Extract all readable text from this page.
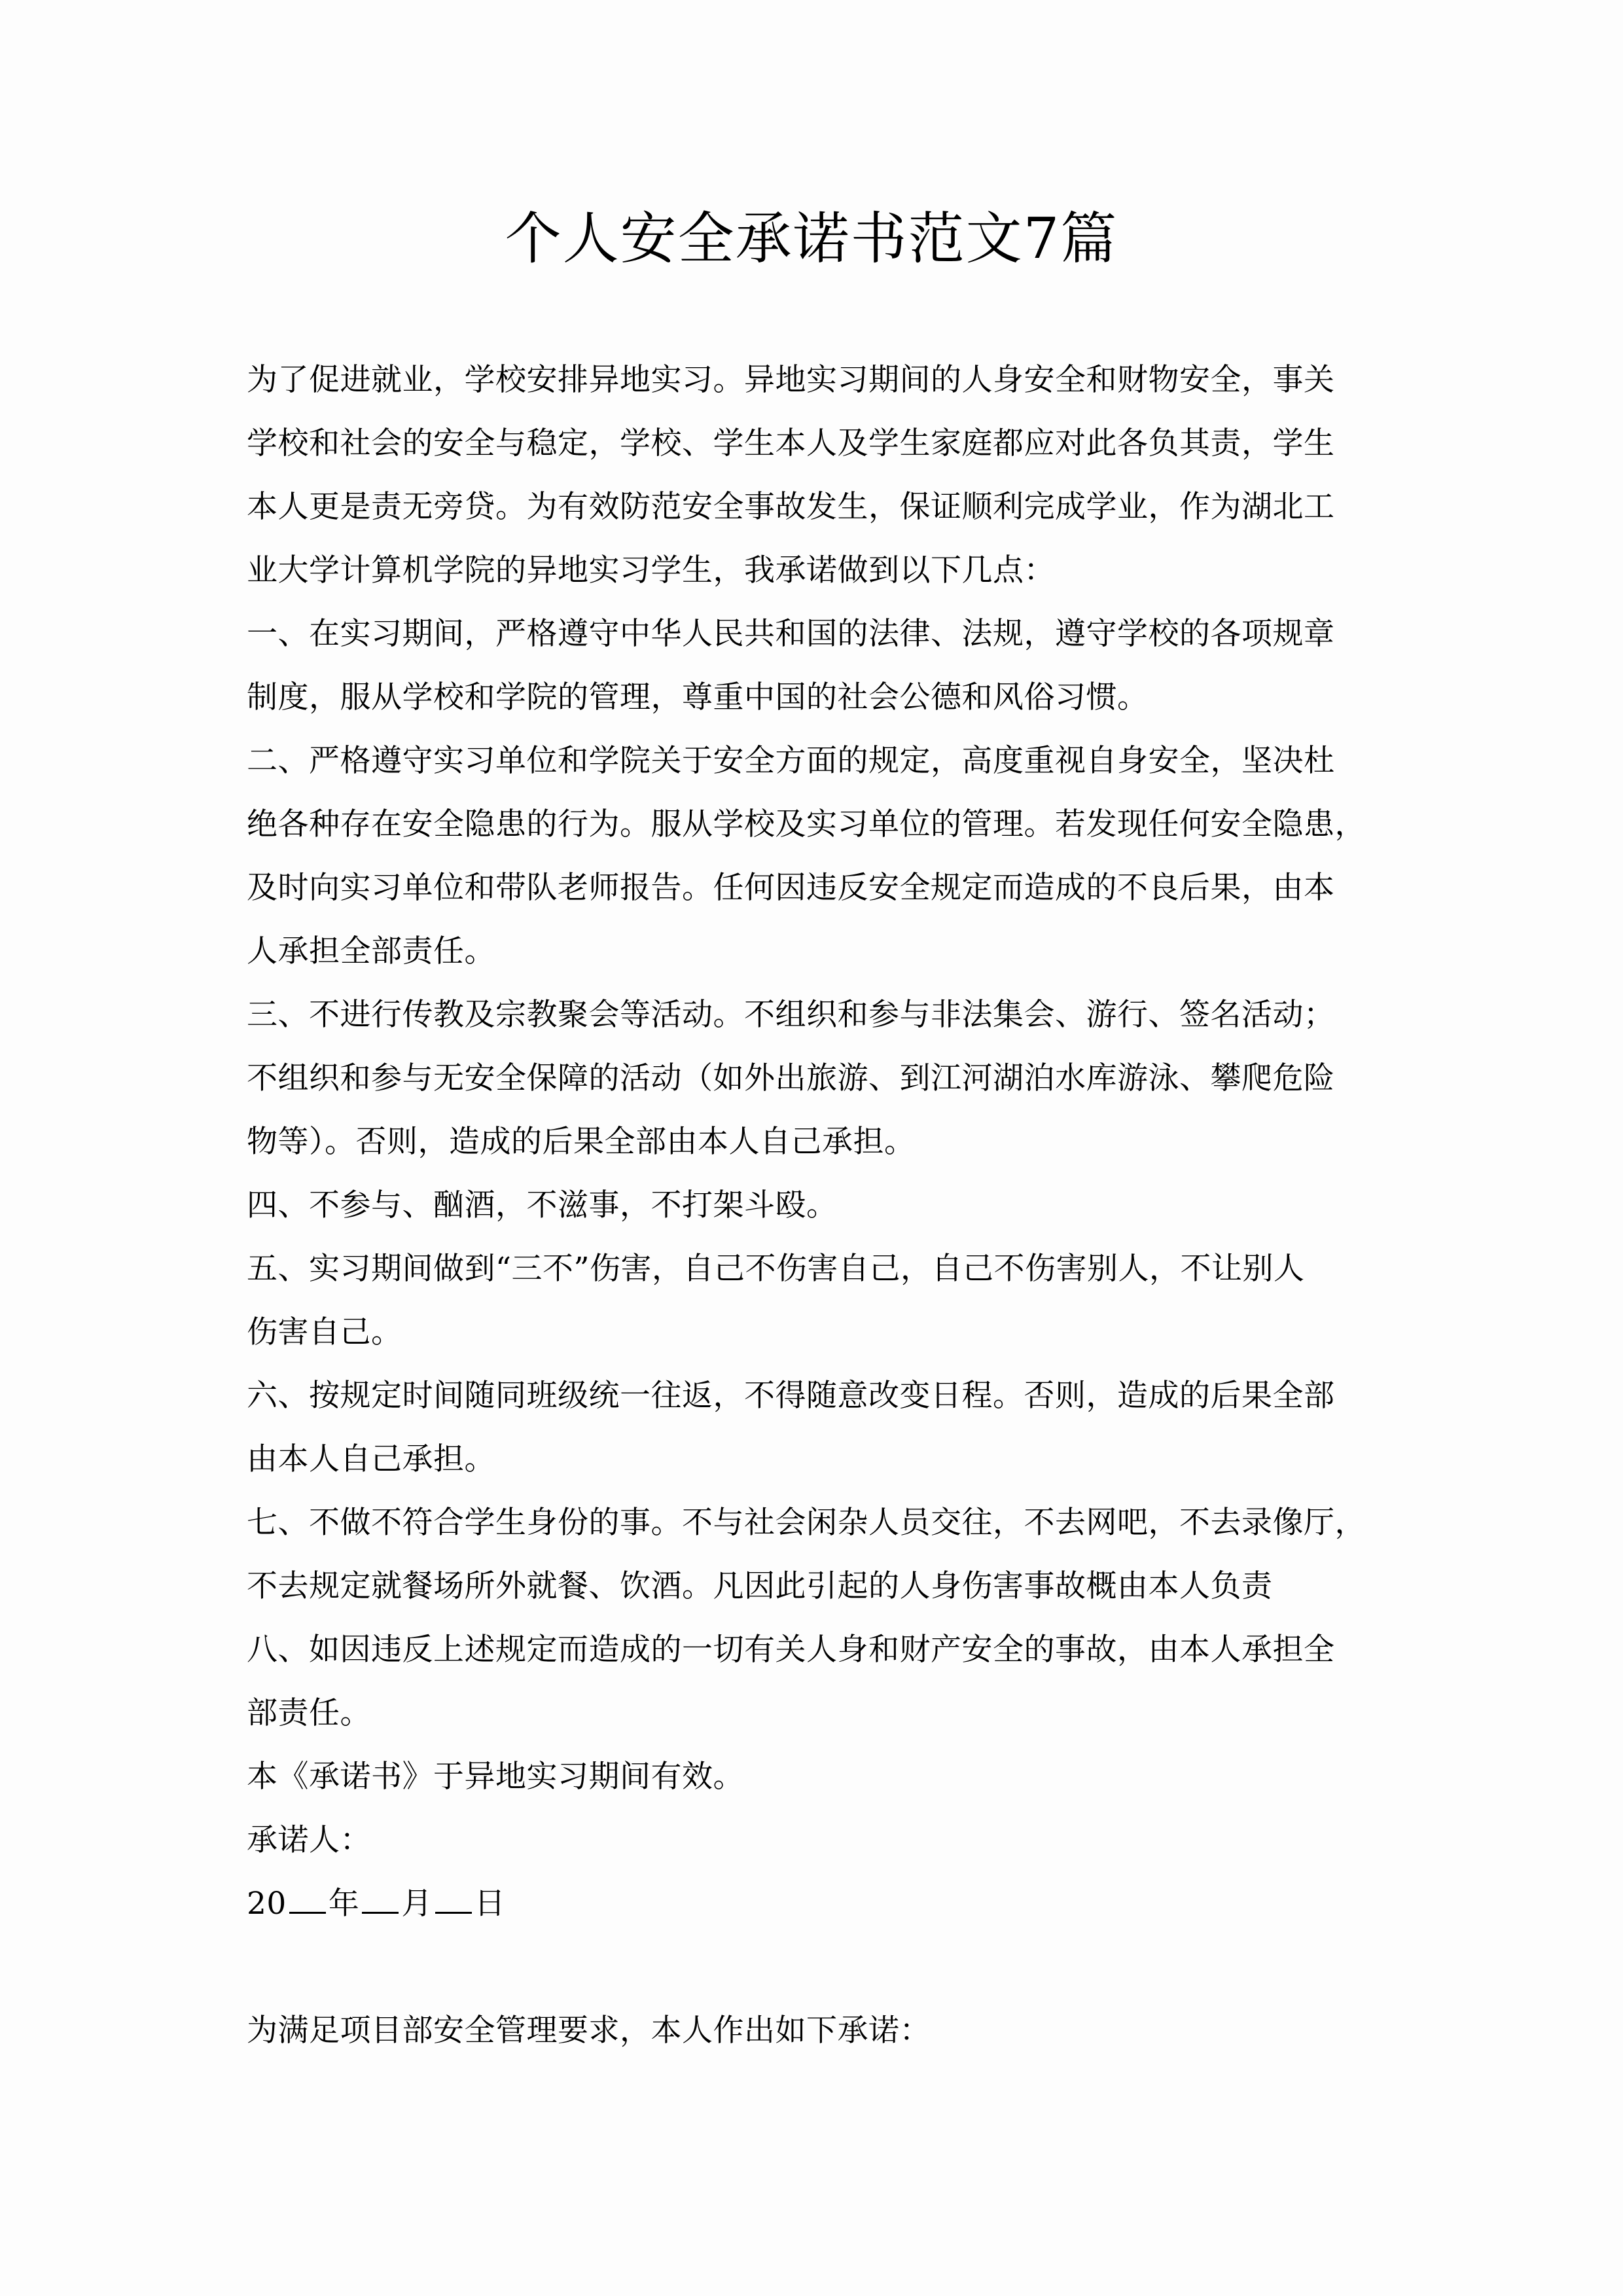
个人安全承诺书范文7篇
为了促进就业，学校安排异地实习。异地实习期间的人身安全和财物安全，事关
学校和社会的安全与稳定，学校、学生本人及学生家庭都应对此各负其责，学生
本人更是责无旁贷。为有效防范安全事故发生，保证顺利完成学业，作为湖北工
业大学计算机学院的异地实习学生，我承诺做到以下几点：
一、在实习期间，严格遵守中华人民共和国的法律、法规，遵守学校的各项规章
制度，服从学校和学院的管理，尊重中国的社会公德和风俗习惯。
二、严格遵守实习单位和学院关于安全方面的规定，高度重视自身安全，坚决杜
绝各种存在安全隐患的行为。服从学校及实习单位的管理。若发现任何安全隐患，
及时向实习单位和带队老师报告。任何因违反安全规定而造成的不良后果，由本
人承担全部责任。
三、不进行传教及宗教聚会等活动。不组织和参与非法集会、游行、签名活动；
不组织和参与无安全保障的活动（如外出旅游、到江河湖泊水库游泳、攀爬危险
物等）。否则，造成的后果全部由本人自己承担。
四、不参与、酗酒，不滋事，不打架斗殴。
五、实习期间做到“三不”伤害，自己不伤害自己，自己不伤害别人，不让别人
伤害自己。
六、按规定时间随同班级统一往返，不得随意改变日程。否则，造成的后果全部
由本人自己承担。
七、不做不符合学生身份的事。不与社会闲杂人员交往，不去网吧，不去录像厅，
不去规定就餐场所外就餐、饮酒。凡因此引起的人身伤害事故概由本人负责
八、如因违反上述规定而造成的一切有关人身和财产安全的事故，由本人承担全
部责任。
本《承诺书》于异地实习期间有效。
承诺人：
20 年 月 日
为满足项目部安全管理要求，本人作出如下承诺：
